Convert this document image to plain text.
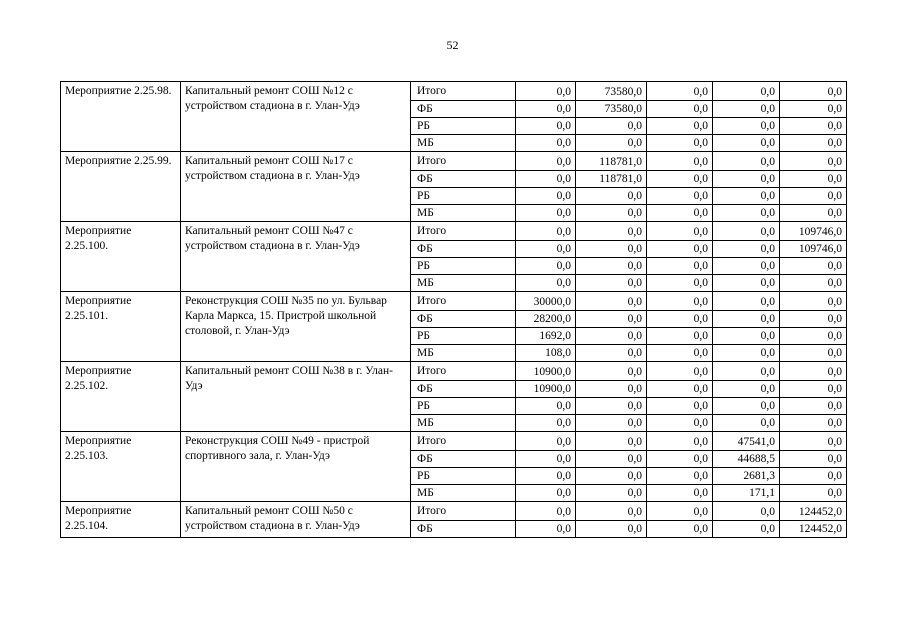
52
Мероприятие 2.25.98.	Капитальный ремонт СОШ №12 с устройством стадиона в г. Улан-Удэ	Итого	0,0	73580,0	0,0	0,0	0,0
		ФБ	0,0	73580,0	0,0	0,0	0,0
		РБ	0,0	0,0	0,0	0,0	0,0
		МБ	0,0	0,0	0,0	0,0	0,0
Мероприятие 2.25.99.	Капитальный ремонт СОШ №17 с устройством стадиона в г. Улан-Удэ	Итого	0,0	118781,0	0,0	0,0	0,0
		ФБ	0,0	118781,0	0,0	0,0	0,0
		РБ	0,0	0,0	0,0	0,0	0,0
		МБ	0,0	0,0	0,0	0,0	0,0
Мероприятие 2.25.100.	Капитальный ремонт СОШ №47 с устройством стадиона в г. Улан-Удэ	Итого	0,0	0,0	0,0	0,0	109746,0
		ФБ	0,0	0,0	0,0	0,0	109746,0
		РБ	0,0	0,0	0,0	0,0	0,0
		МБ	0,0	0,0	0,0	0,0	0,0
Мероприятие 2.25.101.	Реконструкция СОШ №35 по ул. Бульвар Карла Маркса, 15. Пристрой школьной столовой, г. Улан-Удэ	Итого	30000,0	0,0	0,0	0,0	0,0
		ФБ	28200,0	0,0	0,0	0,0	0,0
		РБ	1692,0	0,0	0,0	0,0	0,0
		МБ	108,0	0,0	0,0	0,0	0,0
Мероприятие 2.25.102.	Капитальный ремонт СОШ №38 в г. Улан-Удэ	Итого	10900,0	0,0	0,0	0,0	0,0
		ФБ	10900,0	0,0	0,0	0,0	0,0
		РБ	0,0	0,0	0,0	0,0	0,0
		МБ	0,0	0,0	0,0	0,0	0,0
Мероприятие 2.25.103.	Реконструкция СОШ №49 - пристрой спортивного зала, г. Улан-Удэ	Итого	0,0	0,0	0,0	47541,0	0,0
		ФБ	0,0	0,0	0,0	44688,5	0,0
		РБ	0,0	0,0	0,0	2681,3	0,0
		МБ	0,0	0,0	0,0	171,1	0,0
Мероприятие 2.25.104.	Капитальный ремонт СОШ №50 с устройством стадиона в г. Улан-Удэ	Итого	0,0	0,0	0,0	0,0	124452,0
		ФБ	0,0	0,0	0,0	0,0	124452,0
